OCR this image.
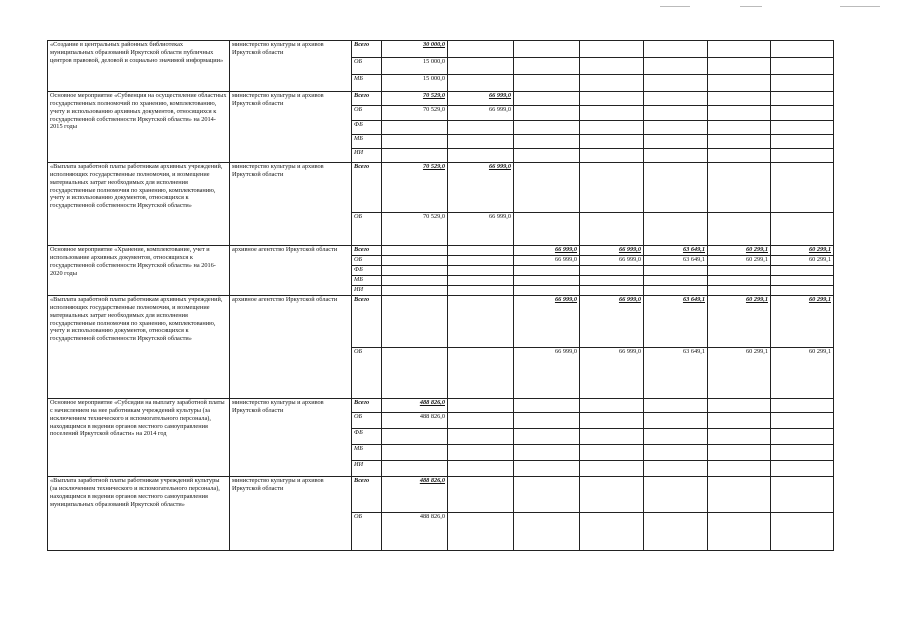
«Создание в центральных районных библиотеках муниципальных образований Иркутской области публичных центров правовой, деловой и социально значимой информации»	министерство культуры и архивов Иркутской области	Всего	30 000,0						
		ОБ	15 000,0						
		МБ	15 000,0						
Основное мероприятие «Субвенция на осуществление областных государственных полномочий по хранению, комплектованию, учету и использованию архивных документов, относящихся к государственной собственности Иркутской области» на 2014-2015 годы	министерство культуры и архивов Иркутской области	Всего	70 529,0	66 999,0					
		ОБ	70 529,0	66 999,0					
		ФБ							
		МБ							
		ИИ							
«Выплата заработной платы работникам архивных учреждений, исполняющих государственные полномочия, и возмещение материальных затрат необходимых для исполнения государственные полномочия по хранению, комплектованию, учету и использованию документов, относящихся к государственной собственности Иркутской области»	министерство культуры и архивов Иркутской области	Всего	70 529,0	66 999,0					
		ОБ	70 529,0	66 999,0					
Основное мероприятие «Хранение, комплектование, учет и использование архивных документов, относящихся к государственной собственности Иркутской области» на 2016-2020 годы	архивное агентство Иркутской области	Всего			66 999,0	66 999,0	63 649,1	60 299,1	60 299,1
		ОБ			66 999,0	66 999,0	63 649,1	60 299,1	60 299,1
		ФБ							
		МБ							
		ИИ							
«Выплата заработной платы работникам архивных учреждений, исполняющих государственные полномочия, и возмещение материальных затрат необходимых для исполнения государственные полномочия по хранению, комплектованию, учету и использованию документов, относящихся к государственной собственности Иркутской области»	архивное агентство Иркутской области	Всего			66 999,0	66 999,0	63 649,1	60 299,1	60 299,1
		ОБ			66 999,0	66 999,0	63 649,1	60 299,1	60 299,1
Основное мероприятие «Субсидии на выплату заработной платы с начислением на нее работникам учреждений культуры (за исключением технического и вспомогательного персонала), находящимся в ведении органов местного самоуправления поселений Иркутской области» на 2014 год	министерство культуры и архивов Иркутской области	Всего	488 826,0						
		ОБ	488 826,0						
		ФБ							
		МБ							
		ИИ							
«Выплата заработной платы работникам учреждений культуры (за исключением технического и вспомогательного персонала), находящимся в ведении органов местного самоуправления муниципальных образований Иркутской области»	министерство культуры и архивов Иркутской области	Всего	488 826,0						
		ОБ	488 826,0						
